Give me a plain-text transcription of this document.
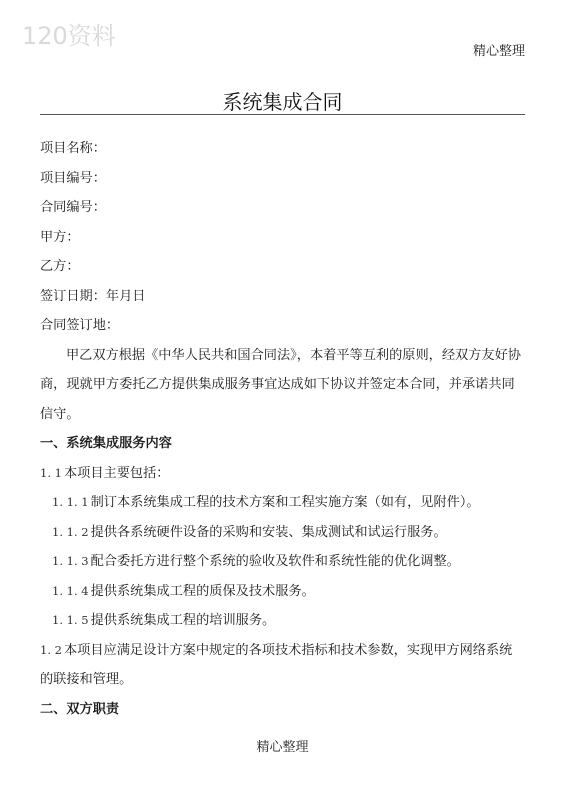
120资料
精心整理
系统集成合同
项目名称：
项目编号：
合同编号：
甲方：
乙方：
签订日期：年月日
合同签订地：
甲乙双方根据《中华人民共和国合同法》，本着平等互利的原则，经双方友好协商，现就甲方委托乙方提供集成服务事宜达成如下协议并签定本合同，并承诺共同信守。
一、系统集成服务内容
1. 1 本项目主要包括：
1. 1. 1 制订本系统集成工程的技术方案和工程实施方案（如有，见附件）。
1. 1. 2 提供各系统硬件设备的采购和安装、集成测试和试运行服务。
1. 1. 3 配合委托方进行整个系统的验收及软件和系统性能的优化调整。
1. 1. 4 提供系统集成工程的质保及技术服务。
1. 1. 5 提供系统集成工程的培训服务。
1. 2 本项目应满足设计方案中规定的各项技术指标和技术参数，实现甲方网络系统的联接和管理。
二、双方职责
精心整理
